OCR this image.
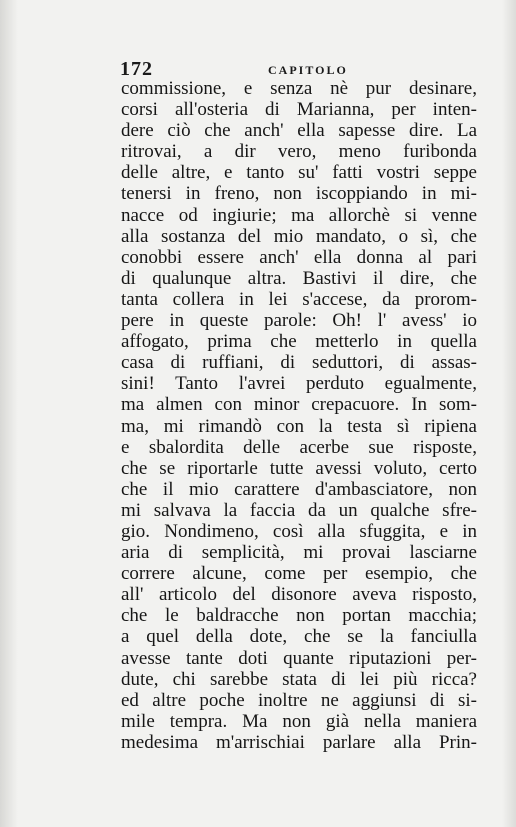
172	CAPITOLO
commissione, e senza nè pur desinare,
corsi all'osteria di Marianna, per inten-
dere ciò che anch' ella sapesse dire. La
ritrovai, a dir vero, meno furibonda
delle altre, e tanto su' fatti vostri seppe
tenersi in freno, non iscoppiando in mi-
nacce od ingiurie; ma allorchè si venne
alla sostanza del mio mandato, o sì, che
conobbi essere anch' ella donna al pari
di qualunque altra. Bastivi il dire, che
tanta collera in lei s'accese, da prorom-
pere in queste parole: Oh! l' avess' io
affogato, prima che metterlo in quella
casa di ruffiani, di seduttori, di assas-
sini! Tanto l'avrei perduto egualmente,
ma almen con minor crepacuore. In som-
ma, mi rimandò con la testa sì ripiena
e sbalordita delle acerbe sue risposte,
che se riportarle tutte avessi voluto, certo
che il mio carattere d'ambasciatore, non
mi salvava la faccia da un qualche sfre-
gio. Nondimeno, così alla sfuggita, e in
aria di semplicità, mi provai lasciarne
correre alcune, come per esempio, che
all' articolo del disonore aveva risposto,
che le baldracche non portan macchia;
a quel della dote, che se la fanciulla
avesse tante doti quante riputazioni per-
dute, chi sarebbe stata di lei più ricca?
ed altre poche inoltre ne aggiunsi di si-
mile tempra. Ma non già nella maniera
medesima m'arrischiai parlare alla Prin-
